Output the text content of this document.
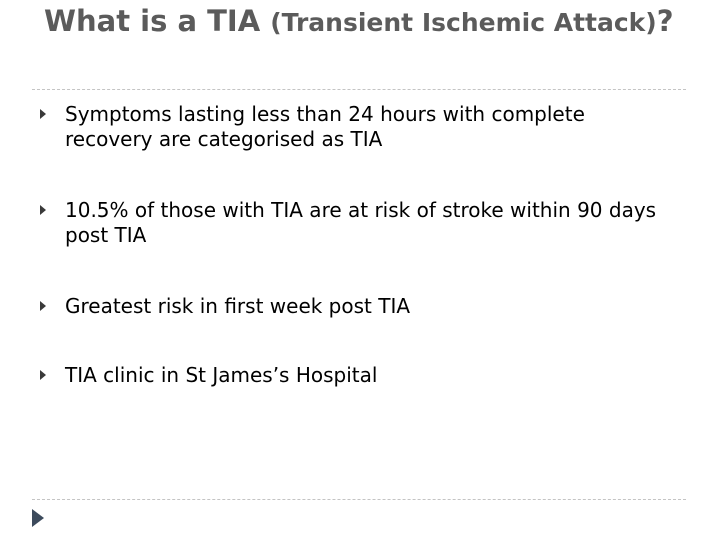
What is a TIA (Transient Ischemic Attack)?
Symptoms lasting less than 24 hours with complete recovery are categorised as TIA
10.5% of those with TIA are at risk of stroke within 90 days post TIA
Greatest risk in first week post TIA
TIA clinic in St James’s Hospital
